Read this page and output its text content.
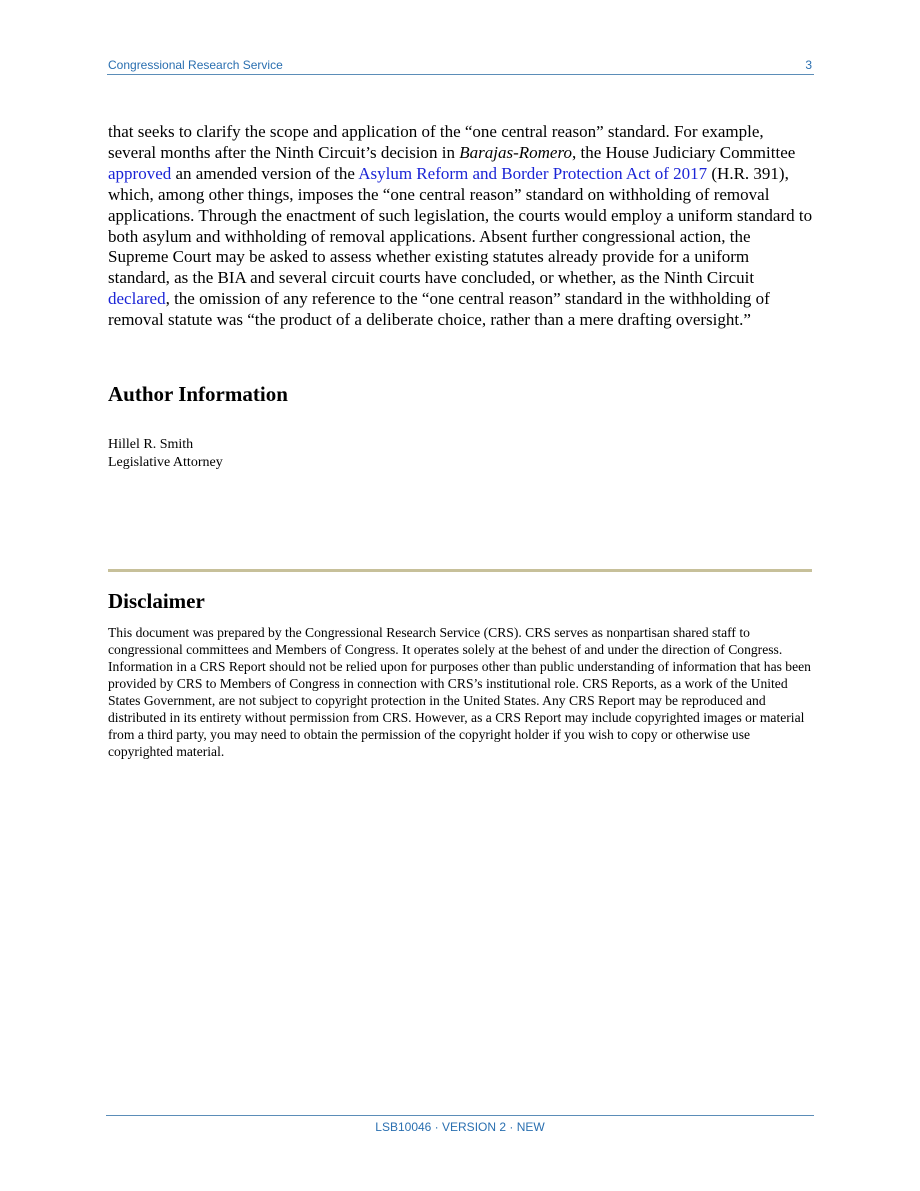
Congressional Research Service	3

that seeks to clarify the scope and application of the “one central reason” standard. For example, several months after the Ninth Circuit’s decision in Barajas-Romero, the House Judiciary Committee approved an amended version of the Asylum Reform and Border Protection Act of 2017 (H.R. 391), which, among other things, imposes the “one central reason” standard on withholding of removal applications. Through the enactment of such legislation, the courts would employ a uniform standard to both asylum and withholding of removal applications. Absent further congressional action, the Supreme Court may be asked to assess whether existing statutes already provide for a uniform standard, as the BIA and several circuit courts have concluded, or whether, as the Ninth Circuit declared, the omission of any reference to the “one central reason” standard in the withholding of removal statute was “the product of a deliberate choice, rather than a mere drafting oversight.”

Author Information
Hillel R. Smith
Legislative Attorney
Disclaimer

This document was prepared by the Congressional Research Service (CRS). CRS serves as nonpartisan shared staff to congressional committees and Members of Congress. It operates solely at the behest of and under the direction of Congress. Information in a CRS Report should not be relied upon for purposes other than public understanding of information that has been provided by CRS to Members of Congress in connection with CRS’s institutional role. CRS Reports, as a work of the United States Government, are not subject to copyright protection in the United States. Any CRS Report may be reproduced and distributed in its entirety without permission from CRS. However, as a CRS Report may include copyrighted images or material from a third party, you may need to obtain the permission of the copyright holder if you wish to copy or otherwise use copyrighted material.

LSB10046 · VERSION 2 · NEW
